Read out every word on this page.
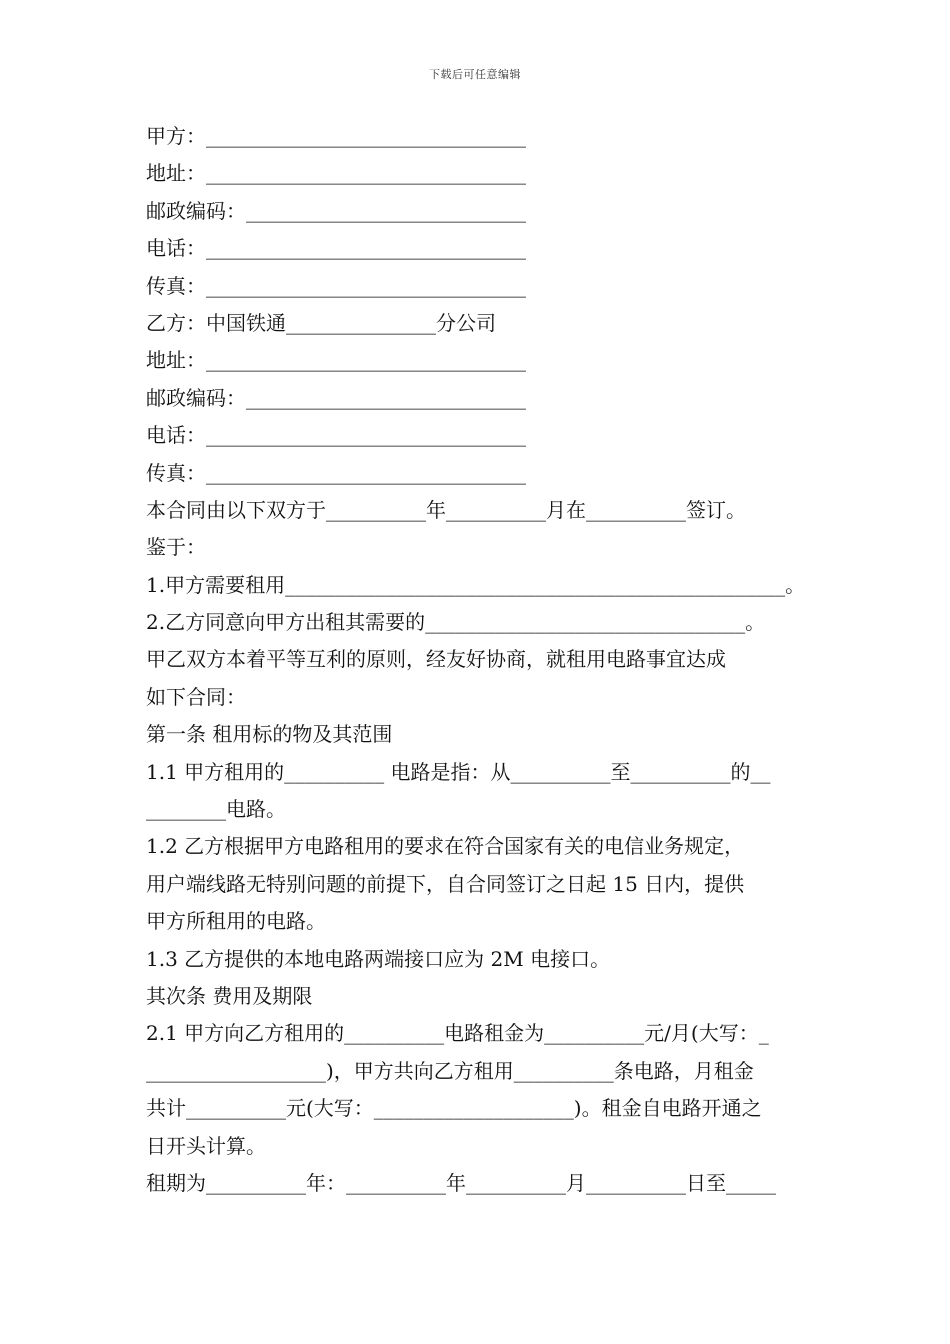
下载后可任意编辑
甲方：________________________________
地址：________________________________
邮政编码：____________________________
电话：________________________________
传真：________________________________
乙方：中国铁通_______________分公司
地址：________________________________
邮政编码：____________________________
电话：________________________________
传真：________________________________
本合同由以下双方于__________年__________月在__________签订。
鉴于：
1.甲方需要租用__________________________________________________。
2.乙方同意向甲方出租其需要的________________________________。
甲乙双方本着平等互利的原则，经友好协商，就租用电路事宜达成
如下合同：
第一条 租用标的物及其范围
1.1 甲方租用的__________ 电路是指：从__________至__________的__
________电路。
1.2 乙方根据甲方电路租用的要求在符合国家有关的电信业务规定，
用户端线路无特别问题的前提下，自合同签订之日起 15 日内，提供
甲方所租用的电路。
1.3 乙方提供的本地电路两端接口应为 2M 电接口。
其次条 费用及期限
2.1 甲方向乙方租用的__________电路租金为__________元/月(大写：_
__________________)，甲方共向乙方租用__________条电路，月租金
共计__________元(大写：____________________)。租金自电路开通之
日开头计算。
租期为__________年：__________年__________月__________日至_____
